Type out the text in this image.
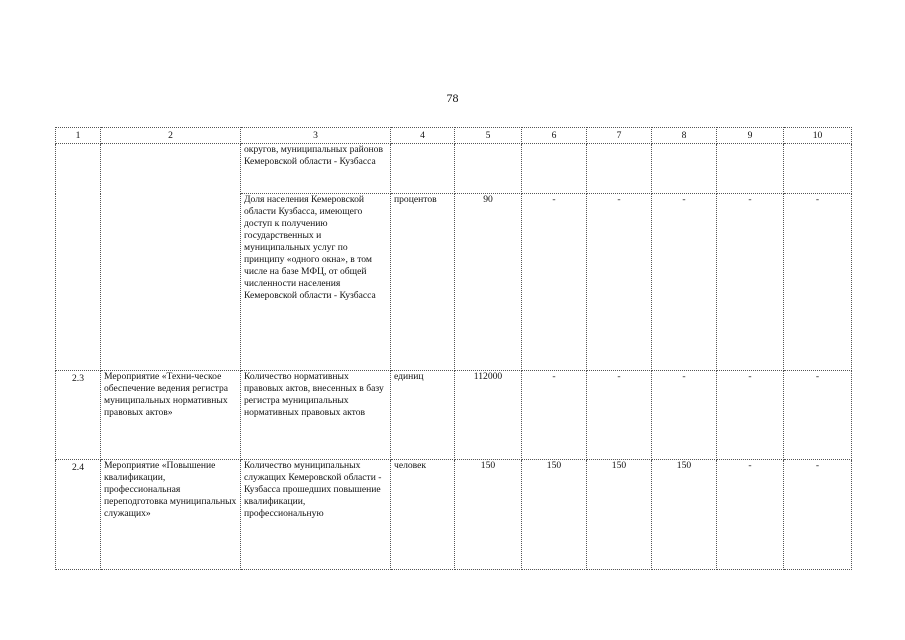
78
1	2	3	4	5	6	7	8	9	10
		округов, муниципальных районов Кемеровской области - Кузбасса							
		Доля населения Кемеровской области Кузбасса, имеющего доступ к получению государственных и муниципальных услуг по принципу «одного окна», в том числе на базе МФЦ, от общей численности населения Кемеровской области - Кузбасса	процентов	90	-	-	-	-	-
2.3	Мероприятие «Техни-ческое обеспечение ведения регистра муниципальных нормативных правовых актов»	Количество нормативных правовых актов, внесенных в базу регистра муниципальных нормативных правовых актов	единиц	112000	-	-	-	-	-
2.4	Мероприятие «Повышение квалификации, профессиональная переподготовка муниципальных служащих»	Количество муниципальных служащих Кемеровской области - Кузбасса прошедших повышение квалификации, профессиональную	человек	150	150	150	150	-	-
